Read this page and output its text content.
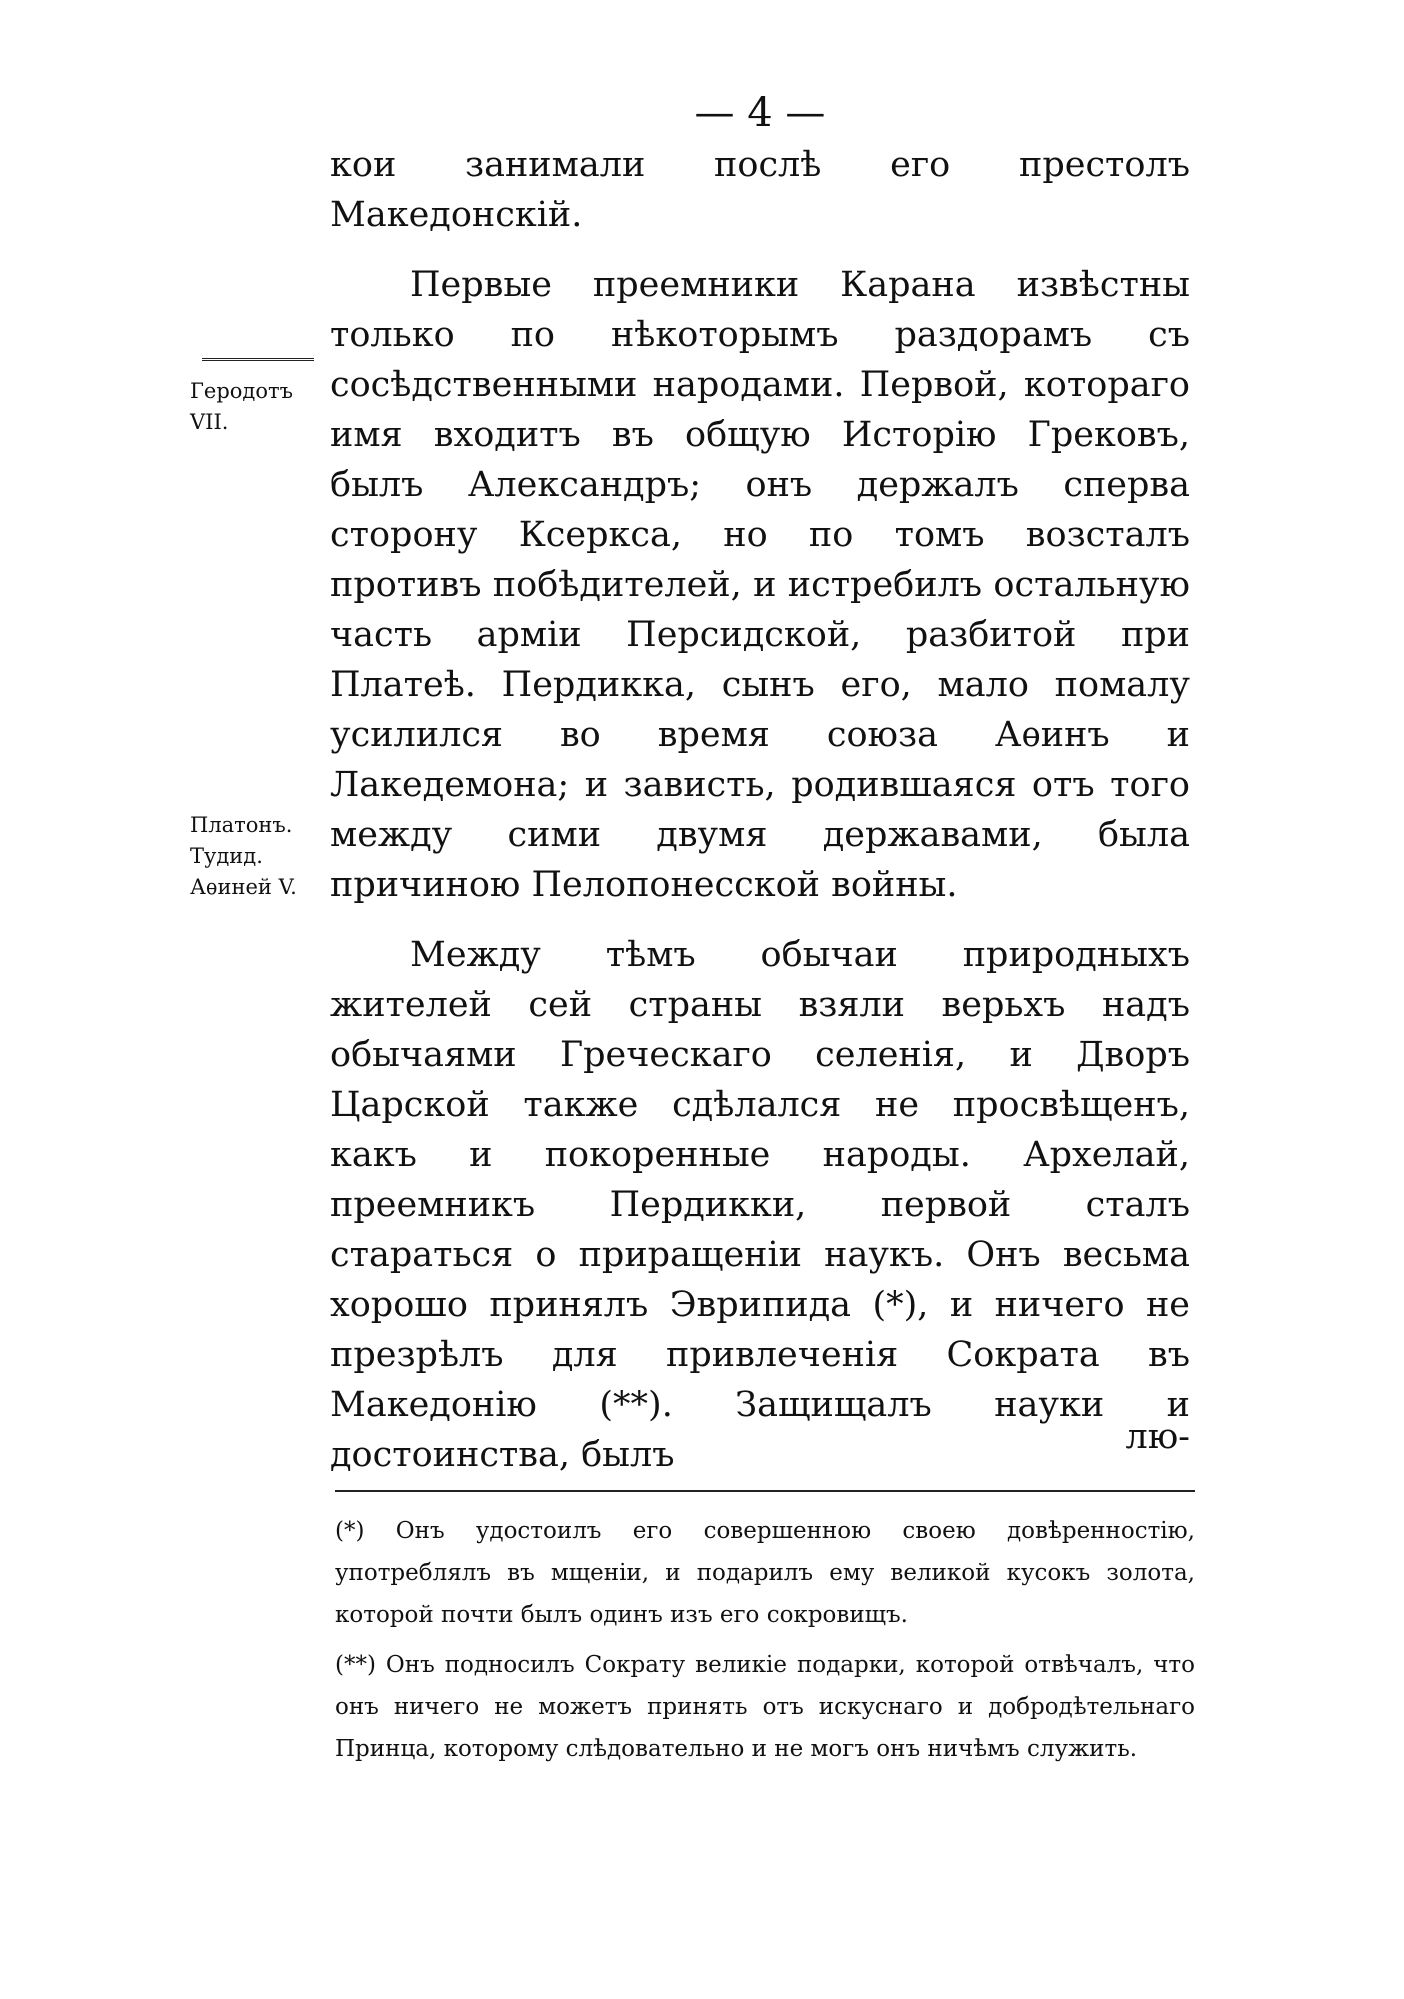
— 4 —

кои занимали послѣ его престолъ Македонскій.

Первые преемники Карана извѣстны только по нѣкоторымъ раздорамъ съ сосѣдственными народами. Первой, котораго имя входитъ въ общую Исторію Грековъ, былъ Александръ; онъ держалъ сперва сторону Ксеркса, но по томъ возсталъ противъ побѣдителей, и истребилъ остальную часть арміи Персидской, разбитой при Платеѣ. Пердикка, сынъ его, мало помалу усилился во время союза Аѳинъ и Лакедемона; и зависть, родившаяся отъ того между сими двумя державами, была причиною Пелопонесской войны.

Между тѣмъ обычаи природныхъ жителей сей страны взяли верьхъ надъ обычаями Греческаго селенія, и Дворъ Царской также сдѣлался не просвѣщенъ, какъ и покоренные народы. Архелай, преемникъ Пердикки, первой сталъ стараться о приращеніи наукъ. Онъ весьма хорошо принялъ Эврипида (*), и ничего не презрѣлъ для привлеченія Сократа въ Македонію (**). Защищалъ науки и достоинства, былъ	лю-
Геродотъ VII.
Платонъ. Тудид. Аѳиней V.

(*) Онъ удостоилъ его совершенною своею довѣренностію, употреблялъ въ мщеніи, и подарилъ ему великой кусокъ золота, которой почти былъ одинъ изъ его сокровищъ.

(**) Онъ подносилъ Сократу великіе подарки, которой отвѣчалъ, что онъ ничего не можетъ принять отъ искуснаго и добродѣтельнаго Принца, которому слѣдовательно и не могъ онъ ничѣмъ служить.
